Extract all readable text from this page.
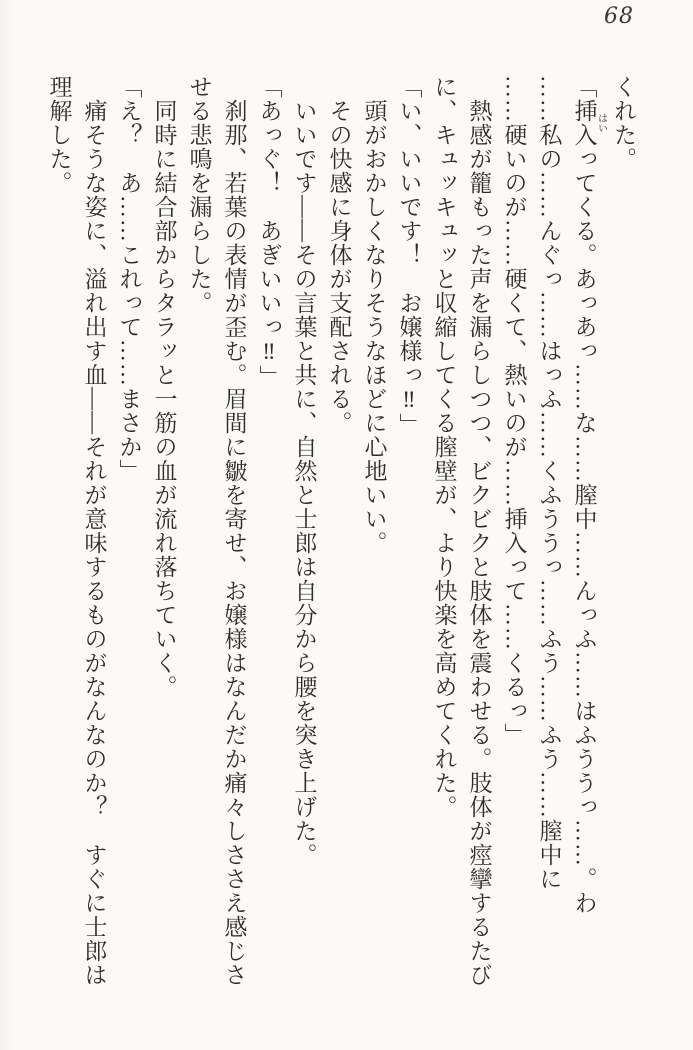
68
くれた。
「挿入 はいってくる。あっあっ……な……膣中……んっふ……はふううっ……。わ
……私の……んぐっ……はっふ……くふううっ……ふう……ふう……膣中に
……硬いのが……硬くて、熱いのが……挿入って……くるっ」
熱感が籠もった声を漏らしつつ、ビクビクと肢体を震わせる。肢体が痙攣するたび
に、キュッキュッと収縮してくる膣壁が、より快楽を高めてくれた。
「い、いいです！　お嬢様っ‼」
頭がおかしくなりそうなほどに心地いい。
その快感に身体が支配される。
いいです——その言葉と共に、自然と士郎は自分から腰を突き上げた。
「あっぐ！　あぎいいっ‼」
刹那、若葉の表情が歪む。眉間に皺を寄せ、お嬢様はなんだか痛々しささえ感じさ
せる悲鳴を漏らした。
同時に結合部からタラッと一筋の血が流れ落ちていく。
「え？　あ……これって……まさか」
痛そうな姿に、溢れ出す血——それが意味するものがなんなのか？　すぐに士郎は
理解した。
